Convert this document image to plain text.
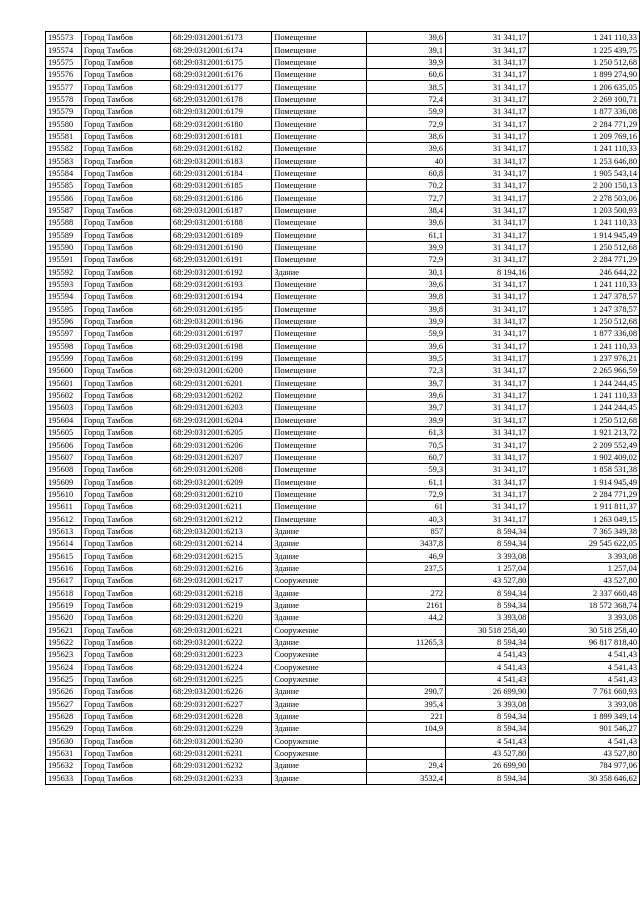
195573	Город Тамбов	68:29:0312001:6173	Помещение	39,6	31 341,17	1 241 110,33
195574	Город Тамбов	68:29:0312001:6174	Помещение	39,1	31 341,17	1 225 439,75
195575	Город Тамбов	68:29:0312001:6175	Помещение	39,9	31 341,17	1 250 512,68
195576	Город Тамбов	68:29:0312001:6176	Помещение	60,6	31 341,17	1 899 274,90
195577	Город Тамбов	68:29:0312001:6177	Помещение	38,5	31 341,17	1 206 635,05
195578	Город Тамбов	68:29:0312001:6178	Помещение	72,4	31 341,17	2 269 100,71
195579	Город Тамбов	68:29:0312001:6179	Помещение	59,9	31 341,17	1 877 336,08
195580	Город Тамбов	68:29:0312001:6180	Помещение	72,9	31 341,17	2 284 771,29
195581	Город Тамбов	68:29:0312001:6181	Помещение	38,6	31 341,17	1 209 769,16
195582	Город Тамбов	68:29:0312001:6182	Помещение	39,6	31 341,17	1 241 110,33
195583	Город Тамбов	68:29:0312001:6183	Помещение	40	31 341,17	1 253 646,80
195584	Город Тамбов	68:29:0312001:6184	Помещение	60,8	31 341,17	1 905 543,14
195585	Город Тамбов	68:29:0312001:6185	Помещение	70,2	31 341,17	2 200 150,13
195586	Город Тамбов	68:29:0312001:6186	Помещение	72,7	31 341,17	2 278 503,06
195587	Город Тамбов	68:29:0312001:6187	Помещение	38,4	31 341,17	1 203 500,93
195588	Город Тамбов	68:29:0312001:6188	Помещение	39,6	31 341,17	1 241 110,33
195589	Город Тамбов	68:29:0312001:6189	Помещение	61,1	31 341,17	1 914 945,49
195590	Город Тамбов	68:29:0312001:6190	Помещение	39,9	31 341,17	1 250 512,68
195591	Город Тамбов	68:29:0312001:6191	Помещение	72,9	31 341,17	2 284 771,29
195592	Город Тамбов	68:29:0312001:6192	Здание	30,1	8 194,16	246 644,22
195593	Город Тамбов	68:29:0312001:6193	Помещение	39,6	31 341,17	1 241 110,33
195594	Город Тамбов	68:29:0312001:6194	Помещение	39,8	31 341,17	1 247 378,57
195595	Город Тамбов	68:29:0312001:6195	Помещение	39,8	31 341,17	1 247 378,57
195596	Город Тамбов	68:29:0312001:6196	Помещение	39,9	31 341,17	1 250 512,68
195597	Город Тамбов	68:29:0312001:6197	Помещение	59,9	31 341,17	1 877 336,08
195598	Город Тамбов	68:29:0312001:6198	Помещение	39,6	31 341,17	1 241 110,33
195599	Город Тамбов	68:29:0312001:6199	Помещение	39,5	31 341,17	1 237 976,21
195600	Город Тамбов	68:29:0312001:6200	Помещение	72,3	31 341,17	2 265 966,59
195601	Город Тамбов	68:29:0312001:6201	Помещение	39,7	31 341,17	1 244 244,45
195602	Город Тамбов	68:29:0312001:6202	Помещение	39,6	31 341,17	1 241 110,33
195603	Город Тамбов	68:29:0312001:6203	Помещение	39,7	31 341,17	1 244 244,45
195604	Город Тамбов	68:29:0312001:6204	Помещение	39,9	31 341,17	1 250 512,68
195605	Город Тамбов	68:29:0312001:6205	Помещение	61,3	31 341,17	1 921 213,72
195606	Город Тамбов	68:29:0312001:6206	Помещение	70,5	31 341,17	2 209 552,49
195607	Город Тамбов	68:29:0312001:6207	Помещение	60,7	31 341,17	1 902 409,02
195608	Город Тамбов	68:29:0312001:6208	Помещение	59,3	31 341,17	1 858 531,38
195609	Город Тамбов	68:29:0312001:6209	Помещение	61,1	31 341,17	1 914 945,49
195610	Город Тамбов	68:29:0312001:6210	Помещение	72,9	31 341,17	2 284 771,29
195611	Город Тамбов	68:29:0312001:6211	Помещение	61	31 341,17	1 911 811,37
195612	Город Тамбов	68:29:0312001:6212	Помещение	40,3	31 341,17	1 263 049,15
195613	Город Тамбов	68:29:0312001:6213	Здание	857	8 594,34	7 365 349,38
195614	Город Тамбов	68:29:0312001:6214	Здание	3437,8	8 594,34	29 545 622,05
195615	Город Тамбов	68:29:0312001:6215	Здание	46,9	3 393,08	3 393,08
195616	Город Тамбов	68:29:0312001:6216	Здание	237,5	1 257,04	1 257,04
195617	Город Тамбов	68:29:0312001:6217	Сооружение		43 527,80	43 527,80
195618	Город Тамбов	68:29:0312001:6218	Здание	272	8 594,34	2 337 660,48
195619	Город Тамбов	68:29:0312001:6219	Здание	2161	8 594,34	18 572 368,74
195620	Город Тамбов	68:29:0312001:6220	Здание	44,2	3 393,08	3 393,08
195621	Город Тамбов	68:29:0312001:6221	Сооружение		30 518 258,40	30 518 258,40
195622	Город Тамбов	68:29:0312001:6222	Здание	11265,3	8 594,34	96 817 818,40
195623	Город Тамбов	68:29:0312001:6223	Сооружение		4 541,43	4 541,43
195624	Город Тамбов	68:29:0312001:6224	Сооружение		4 541,43	4 541,43
195625	Город Тамбов	68:29:0312001:6225	Сооружение		4 541,43	4 541,43
195626	Город Тамбов	68:29:0312001:6226	Здание	290,7	26 699,90	7 761 660,93
195627	Город Тамбов	68:29:0312001:6227	Здание	395,4	3 393,08	3 393,08
195628	Город Тамбов	68:29:0312001:6228	Здание	221	8 594,34	1 899 349,14
195629	Город Тамбов	68:29:0312001:6229	Здание	104,9	8 594,34	901 546,27
195630	Город Тамбов	68:29:0312001:6230	Сооружение		4 541,43	4 541,43
195631	Город Тамбов	68:29:0312001:6231	Сооружение		43 527,80	43 527,80
195632	Город Тамбов	68:29:0312001:6232	Здание	29,4	26 699,90	784 977,06
195633	Город Тамбов	68:29:0312001:6233	Здание	3532,4	8 594,34	30 358 646,62
